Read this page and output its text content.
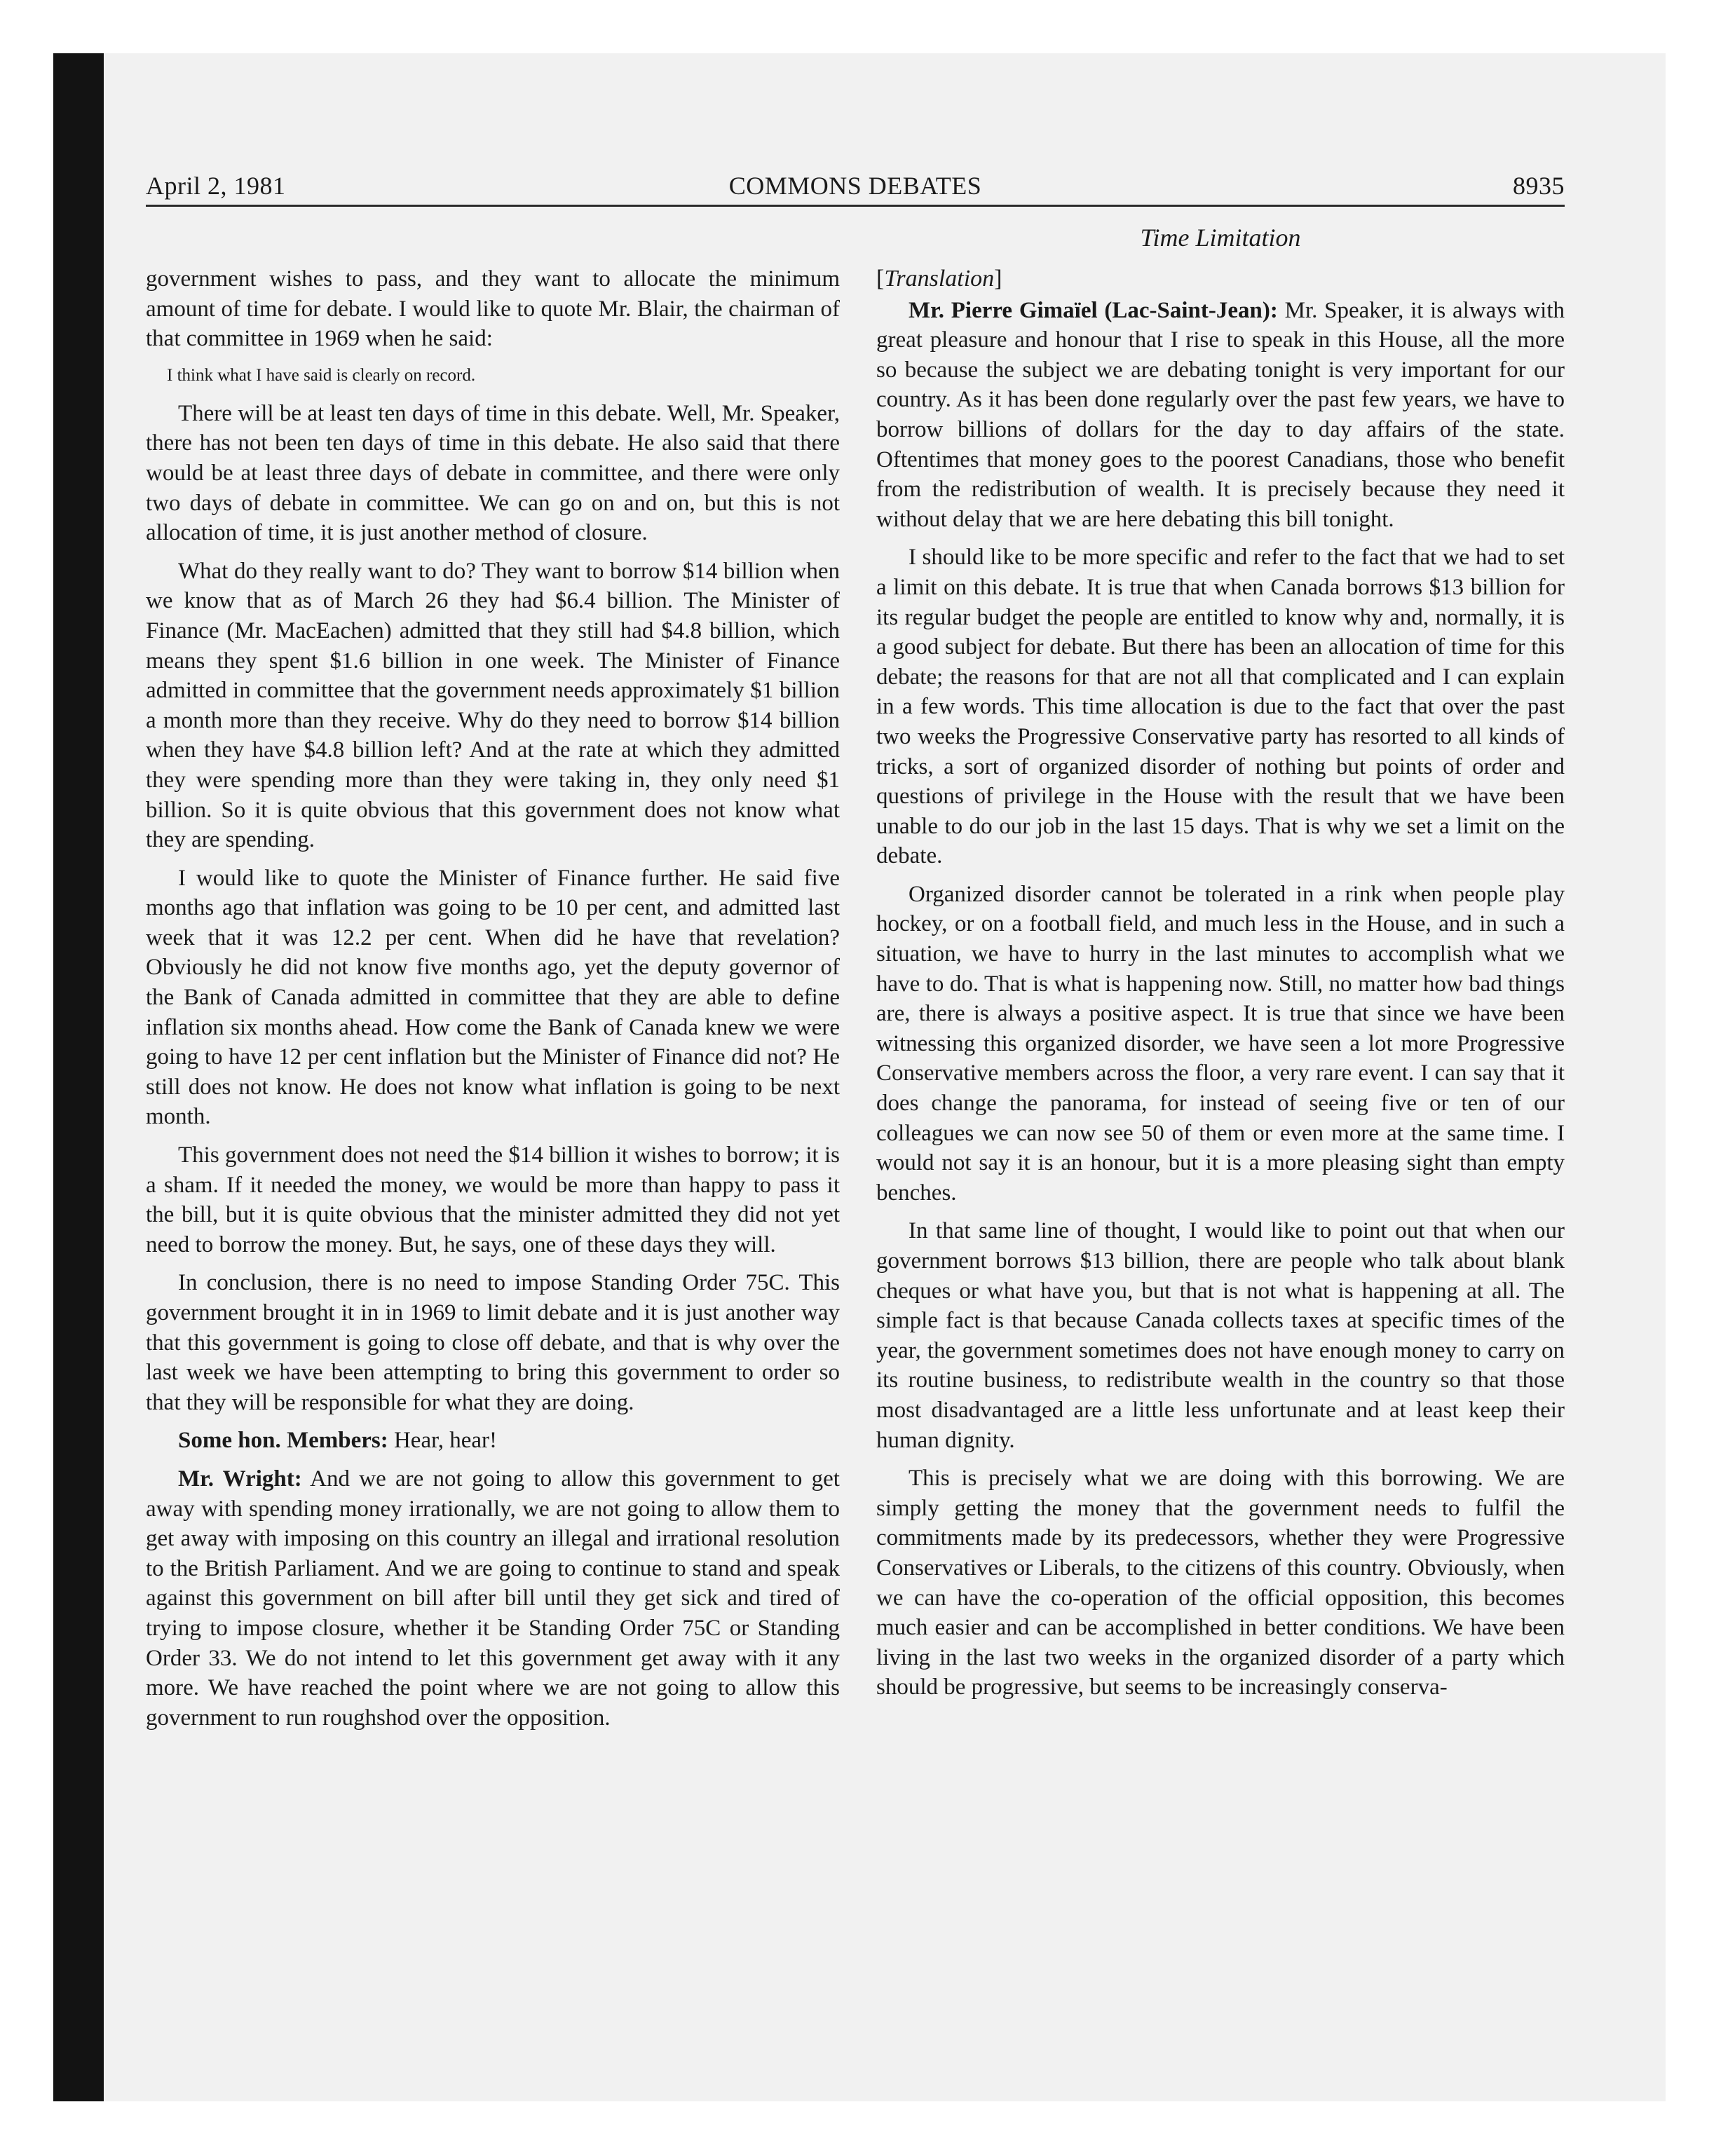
April 2, 1981	COMMONS DEBATES	8935
Time Limitation

government wishes to pass, and they want to allocate the minimum amount of time for debate. I would like to quote Mr. Blair, the chairman of that committee in 1969 when he said:

I think what I have said is clearly on record.

There will be at least ten days of time in this debate. Well, Mr. Speaker, there has not been ten days of time in this debate. He also said that there would be at least three days of debate in committee, and there were only two days of debate in committee. We can go on and on, but this is not allocation of time, it is just another method of closure.

What do they really want to do? They want to borrow $14 billion when we know that as of March 26 they had $6.4 billion. The Minister of Finance (Mr. MacEachen) admitted that they still had $4.8 billion, which means they spent $1.6 billion in one week. The Minister of Finance admitted in committee that the government needs approximately $1 billion a month more than they receive. Why do they need to borrow $14 billion when they have $4.8 billion left? And at the rate at which they admitted they were spending more than they were taking in, they only need $1 billion. So it is quite obvious that this government does not know what they are spending.

I would like to quote the Minister of Finance further. He said five months ago that inflation was going to be 10 per cent, and admitted last week that it was 12.2 per cent. When did he have that revelation? Obviously he did not know five months ago, yet the deputy governor of the Bank of Canada admitted in committee that they are able to define inflation six months ahead. How come the Bank of Canada knew we were going to have 12 per cent inflation but the Minister of Finance did not? He still does not know. He does not know what inflation is going to be next month.

This government does not need the $14 billion it wishes to borrow; it is a sham. If it needed the money, we would be more than happy to pass it the bill, but it is quite obvious that the minister admitted they did not yet need to borrow the money. But, he says, one of these days they will.

In conclusion, there is no need to impose Standing Order 75C. This government brought it in in 1969 to limit debate and it is just another way that this government is going to close off debate, and that is why over the last week we have been attempting to bring this government to order so that they will be responsible for what they are doing.

Some hon. Members: Hear, hear!

Mr. Wright: And we are not going to allow this government to get away with spending money irrationally, we are not going to allow them to get away with imposing on this country an illegal and irrational resolution to the British Parliament. And we are going to continue to stand and speak against this government on bill after bill until they get sick and tired of trying to impose closure, whether it be Standing Order 75C or Standing Order 33. We do not intend to let this government get away with it any more. We have reached the point where we are not going to allow this government to run roughshod over the opposition.

[Translation]

Mr. Pierre Gimaïel (Lac-Saint-Jean): Mr. Speaker, it is always with great pleasure and honour that I rise to speak in this House, all the more so because the subject we are debating tonight is very important for our country. As it has been done regularly over the past few years, we have to borrow billions of dollars for the day to day affairs of the state. Oftentimes that money goes to the poorest Canadians, those who benefit from the redistribution of wealth. It is precisely because they need it without delay that we are here debating this bill tonight.

I should like to be more specific and refer to the fact that we had to set a limit on this debate. It is true that when Canada borrows $13 billion for its regular budget the people are entitled to know why and, normally, it is a good subject for debate. But there has been an allocation of time for this debate; the reasons for that are not all that complicated and I can explain in a few words. This time allocation is due to the fact that over the past two weeks the Progressive Conservative party has resorted to all kinds of tricks, a sort of organized disorder of nothing but points of order and questions of privilege in the House with the result that we have been unable to do our job in the last 15 days. That is why we set a limit on the debate.

Organized disorder cannot be tolerated in a rink when people play hockey, or on a football field, and much less in the House, and in such a situation, we have to hurry in the last minutes to accomplish what we have to do. That is what is happening now. Still, no matter how bad things are, there is always a positive aspect. It is true that since we have been witnessing this organized disorder, we have seen a lot more Progressive Conservative members across the floor, a very rare event. I can say that it does change the panorama, for instead of seeing five or ten of our colleagues we can now see 50 of them or even more at the same time. I would not say it is an honour, but it is a more pleasing sight than empty benches.

In that same line of thought, I would like to point out that when our government borrows $13 billion, there are people who talk about blank cheques or what have you, but that is not what is happening at all. The simple fact is that because Canada collects taxes at specific times of the year, the government sometimes does not have enough money to carry on its routine business, to redistribute wealth in the country so that those most disadvantaged are a little less unfortunate and at least keep their human dignity.

This is precisely what we are doing with this borrowing. We are simply getting the money that the government needs to fulfil the commitments made by its predecessors, whether they were Progressive Conservatives or Liberals, to the citizens of this country. Obviously, when we can have the co-operation of the official opposition, this becomes much easier and can be accomplished in better conditions. We have been living in the last two weeks in the organized disorder of a party which should be progressive, but seems to be increasingly conserva-
